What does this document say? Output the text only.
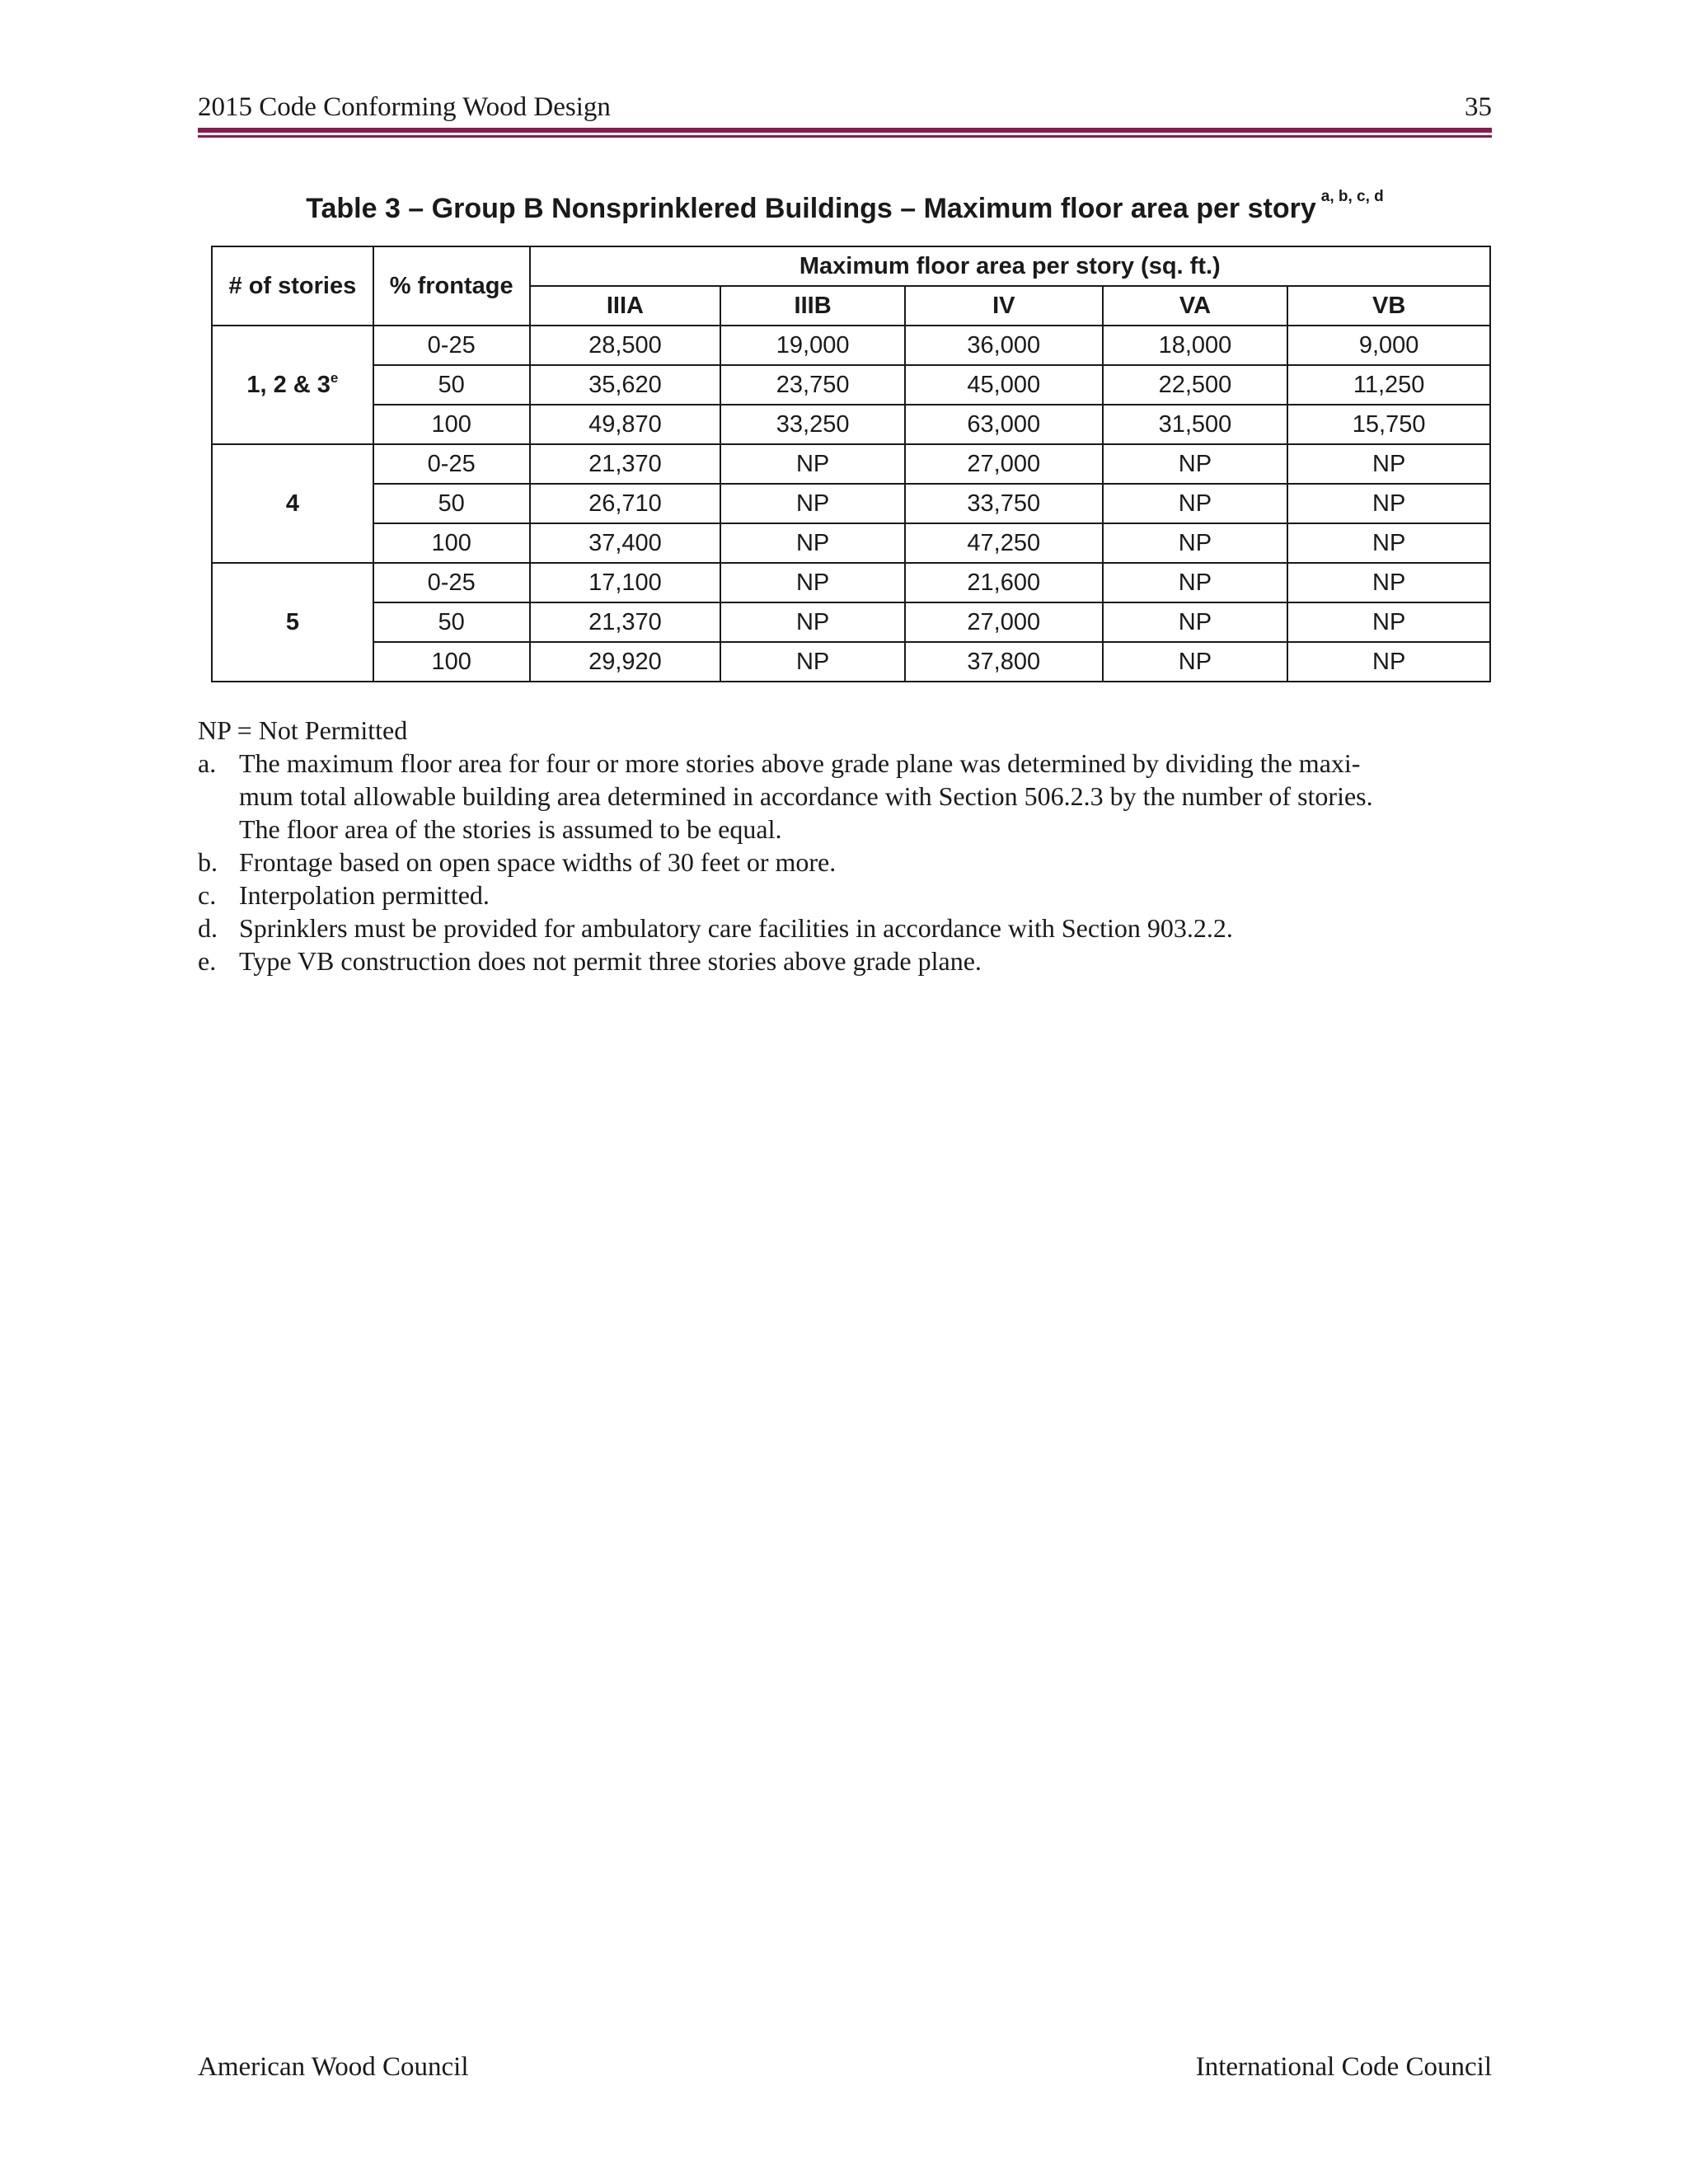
2015 Code Conforming Wood Design	35
Table 3 – Group B Nonsprinklered Buildings – Maximum floor area per story $^{a, b, c, d}$
# of stories	% frontage	Maximum floor area per story (sq. ft.)				
		IIIA	IIIB	IV	VA	VB
1, 2 & 3e	0-25	28,500	19,000	36,000	18,000	9,000
	50	35,620	23,750	45,000	22,500	11,250
	100	49,870	33,250	63,000	31,500	15,750
4	0-25	21,370	NP	27,000	NP	NP
	50	26,710	NP	33,750	NP	NP
	100	37,400	NP	47,250	NP	NP
5	0-25	17,100	NP	21,600	NP	NP
	50	21,370	NP	27,000	NP	NP
	100	29,920	NP	37,800	NP	NP

NP = Not Permitted

a. The maximum floor area for four or more stories above grade plane was determined by dividing the maxi-
mum total allowable building area determined in accordance with Section 506.2.3 by the number of stories.
The floor area of the stories is assumed to be equal.

b. Frontage based on open space widths of 30 feet or more.

c. Interpolation permitted.

d. Sprinklers must be provided for ambulatory care facilities in accordance with Section 903.2.2.

e. Type VB construction does not permit three stories above grade plane.

American Wood Council	International Code Council
